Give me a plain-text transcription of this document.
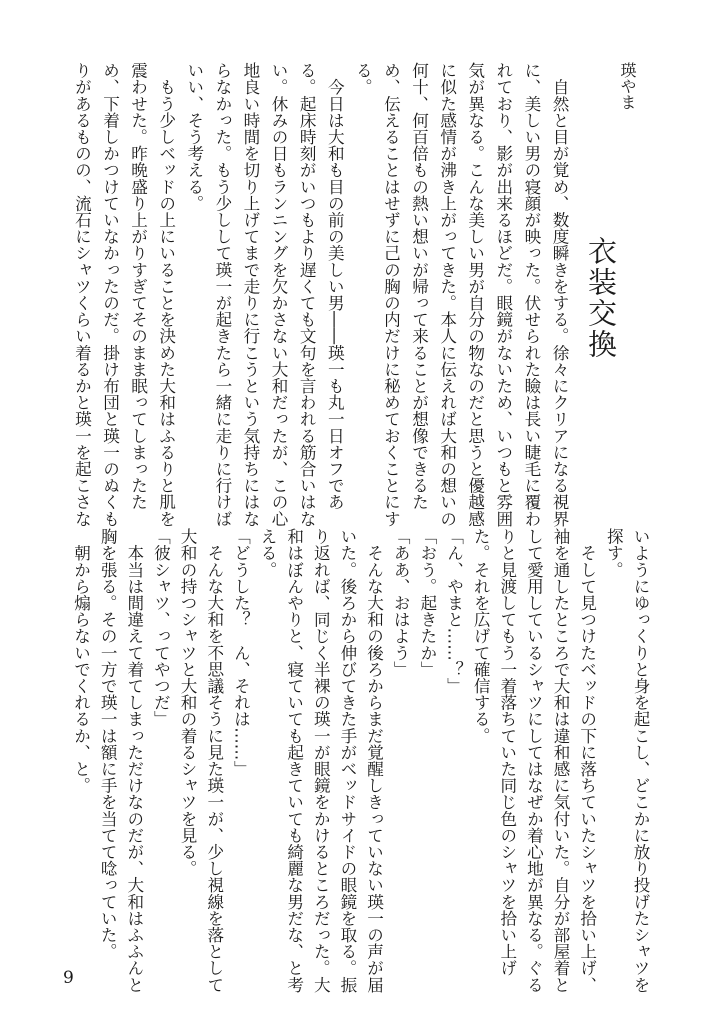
瑛やま
衣装交換
　自然と目が覚め、数度瞬きをする。徐々にクリアになる視界
に、美しい男の寝顔が映った。伏せられた瞼は長い睫毛に覆わ
れており、影が出来るほどだ。眼鏡がないため、いつもと雰囲
気が異なる。こんな美しい男が自分の物なのだと思うと優越感
に似た感情が沸き上がってきた。本人に伝えれば大和の想いの
何十、何百倍もの熱い想いが帰って来ることが想像できるた
め、伝えることはせずに己の胸の内だけに秘めておくことにす
る。
　今日は大和も目の前の美しい男――瑛一も丸一日オフであ
る。起床時刻がいつもより遅くても文句を言われる筋合いはな
い。休みの日もランニングを欠かさない大和だったが、この心
地良い時間を切り上げてまで走りに行こうという気持ちにはな
らなかった。もう少しして瑛一が起きたら一緒に走りに行けば
いい、そう考える。
　もう少しベッドの上にいることを決めた大和はふるりと肌を
震わせた。昨晩盛り上がりすぎてそのまま眠ってしまったた
め、下着しかつけていなかったのだ。掛け布団と瑛一のぬくも
りがあるものの、流石にシャツくらい着るかと瑛一を起こさな
いようにゆっくりと身を起こし、どこかに放り投げたシャツを
探す。
　そして見つけたベッドの下に落ちていたシャツを拾い上げ、
袖を通したところで大和は違和感に気付いた。自分が部屋着と
して愛用しているシャツにしてはなぜか着心地が異なる。ぐる
りと見渡してもう一着落ちていた同じ色のシャツを拾い上げ
た。それを広げて確信する。
「ん、やまと……？」
「おう。起きたか」
「ああ、おはよう」
　そんな大和の後ろからまだ覚醒しきっていない瑛一の声が届
いた。後ろから伸びてきた手がベッドサイドの眼鏡を取る。振
り返れば、同じく半裸の瑛一が眼鏡をかけるところだった。大
和はぼんやりと、寝ていても起きていても綺麗な男だな、と考
える。
「どうした？　ん、それは……」
　そんな大和を不思議そうに見た瑛一が、少し視線を落として
大和の持つシャツと大和の着るシャツを見る。
「彼シャツ、ってやつだ」
　本当は間違えて着てしまっただけなのだが、大和はふふんと
胸を張る。その一方で瑛一は額に手を当てて唸っていた。
　朝から煽らないでくれるか、と。
9
